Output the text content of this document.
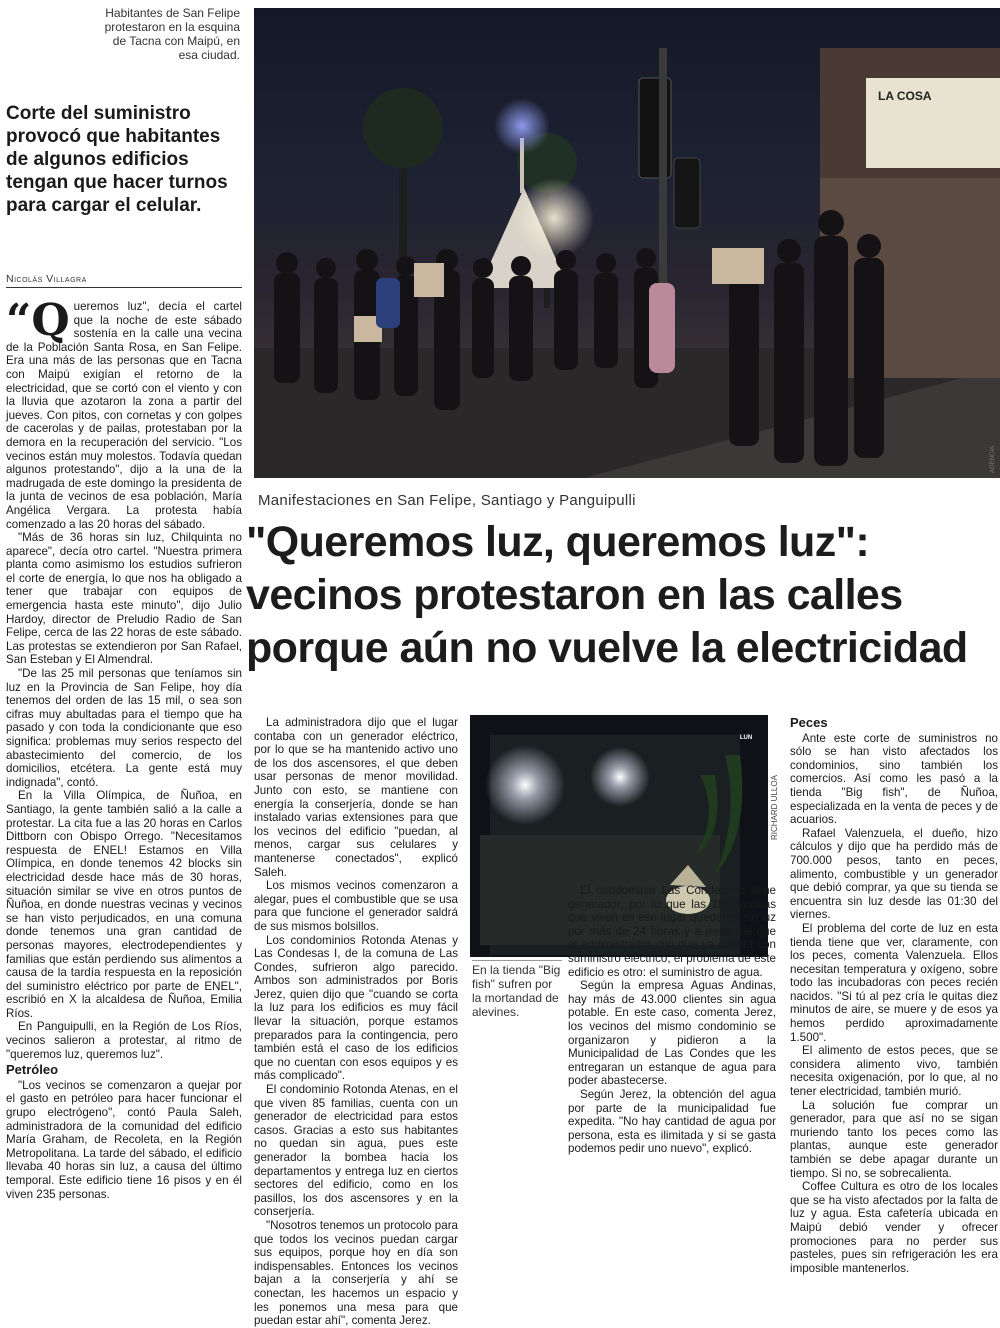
Habitantes de San Felipe protestaron en la esquina de Tacna con Maipú, en esa ciudad.
Corte del suministro provocó que habitantes de algunos edificios tengan que hacer turnos para cargar el celular.
Nicolás Villagra

“Q ueremos luz", decía el cartel que la noche de este sábado sostenía en la calle una vecina de la Población Santa Rosa, en San Felipe. Era una más de las personas que en Tacna con Maipú exigían el retorno de la electricidad, que se cortó con el viento y con la lluvia que azotaron la zona a partir del jueves. Con pitos, con cornetas y con golpes de cacerolas y de pailas, protestaban por la demora en la recuperación del servicio. "Los vecinos están muy molestos. Todavía quedan algunos protestando", dijo a la una de la madrugada de este domingo la presidenta de la junta de vecinos de esa población, María Angélica Vergara. La protesta había comenzado a las 20 horas del sábado.

"Más de 36 horas sin luz, Chilquinta no aparece", decía otro cartel. "Nuestra primera planta como asimismo los estudios sufrieron el corte de energía, lo que nos ha obligado a tener que trabajar con equipos de emergencia hasta este minuto", dijo Julio Hardoy, director de Preludio Radio de San Felipe, cerca de las 22 horas de este sábado. Las protestas se extendieron por San Rafael, San Esteban y El Almendral.

"De las 25 mil personas que teníamos sin luz en la Provincia de San Felipe, hoy día tenemos del orden de las 15 mil, o sea son cifras muy abultadas para el tiempo que ha pasado y con toda la condicionante que eso significa: problemas muy serios respecto del abastecimiento del comercio, de los domicilios, etcétera. La gente está muy indignada", contó.

En la Villa Olímpica, de Ñuñoa, en Santiago, la gente también salió a la calle a protestar. La cita fue a las 20 horas en Carlos Dittborn con Obispo Orrego. "Necesitamos respuesta de ENEL! Estamos en Villa Olímpica, en donde tenemos 42 blocks sin electricidad desde hace más de 30 horas, situación similar se vive en otros puntos de Ñuñoa, en donde nuestras vecinas y vecinos se han visto perjudicados, en una comuna donde tenemos una gran cantidad de personas mayores, electrodependientes y familias que están perdiendo sus alimentos a causa de la tardía respuesta en la reposición del suministro eléctrico por parte de ENEL", escribió en X la alcaldesa de Ñuñoa, Emilia Ríos.

En Panguipulli, en la Región de Los Ríos, vecinos salieron a protestar, al ritmo de "queremos luz, queremos luz".

Petróleo

"Los vecinos se comenzaron a quejar por el gasto en petróleo para hacer funcionar el grupo electrógeno", contó Paula Saleh, administradora de la comunidad del edificio María Graham, de Recoleta, en la Región Metropolitana. La tarde del sábado, el edificio llevaba 40 horas sin luz, a causa del último temporal. Este edificio tiene 16 pisos y en él viven 235 personas.

LA COSA
AGENCIA
Manifestaciones en San Felipe, Santiago y Panguipulli
"Queremos luz, queremos luz": vecinos protestaron en las calles porque aún no vuelve la electricidad

La administradora dijo que el lugar contaba con un generador eléctrico, por lo que se ha mantenido activo uno de los dos ascensores, el que deben usar personas de menor movilidad. Junto con esto, se mantiene con energía la conserjería, donde se han instalado varias extensiones para que los vecinos del edificio "puedan, al menos, cargar sus celulares y mantenerse conectados", explicó Saleh.

Los mismos vecinos comenzaron a alegar, pues el combustible que se usa para que funcione el generador saldrá de sus mismos bolsillos.

Los condominios Rotonda Atenas y Las Condesas I, de la comuna de Las Condes, sufrieron algo parecido. Ambos son administrados por Boris Jerez, quien dijo que "cuando se corta la luz para los edificios es muy fácil llevar la situación, porque estamos preparados para la contingencia, pero también está el caso de los edificios que no cuentan con esos equipos y es más complicado".

El condominio Rotonda Atenas, en el que viven 85 familias, cuenta con un generador de electricidad para estos casos. Gracias a esto sus habitantes no quedan sin agua, pues este generador la bombea hacia los departamentos y entrega luz en ciertos sectores del edificio, como en los pasillos, los dos ascensores y en la conserjería.

"Nosotros tenemos un protocolo para que todos los vecinos puedan cargar sus equipos, porque hoy en día son indispensables. Entonces los vecinos bajan a la conserjería y ahí se conectan, les hacemos un espacio y les ponemos una mesa para que puedan estar ahí", comenta Jerez.

LUN
RICHARD ULLOA
En la tienda "Big fish" sufren por la mortandad de alevines.

El condominio Las Condes no tiene generador, por lo que las 160 familias que viven en ese lugar quedaron sin luz por más de 24 horas y a pesar de que el administrador dijo que ya cuenta con suministro eléctrico, el problema de este edificio es otro: el suministro de agua.

Según la empresa Aguas Andinas, hay más de 43.000 clientes sin agua potable. En este caso, comenta Jerez, los vecinos del mismo condominio se organizaron y pidieron a la Municipalidad de Las Condes que les entregaran un estanque de agua para poder abastecerse.

Según Jerez, la obtención del agua por parte de la municipalidad fue expedita. "No hay cantidad de agua por persona, esta es ilimitada y si se gasta podemos pedir uno nuevo", explicó.

Peces

Ante este corte de suministros no sólo se han visto afectados los condominios, sino también los comercios. Así como les pasó a la tienda "Big fish", de Ñuñoa, especializada en la venta de peces y de acuarios.

Rafael Valenzuela, el dueño, hizo cálculos y dijo que ha perdido más de 700.000 pesos, tanto en peces, alimento, combustible y un generador que debió comprar, ya que su tienda se encuentra sin luz desde las 01:30 del viernes.

El problema del corte de luz en esta tienda tiene que ver, claramente, con los peces, comenta Valenzuela. Ellos necesitan temperatura y oxígeno, sobre todo las incubadoras con peces recién nacidos. "Si tú al pez cría le quitas diez minutos de aire, se muere y de esos ya hemos perdido aproximadamente 1.500".

El alimento de estos peces, que se considera alimento vivo, también necesita oxigenación, por lo que, al no tener electricidad, también murió.

La solución fue comprar un generador, para que así no se sigan muriendo tanto los peces como las plantas, aunque este generador también se debe apagar durante un tiempo. Si no, se sobrecalienta.

Coffee Cultura es otro de los locales que se ha visto afectados por la falta de luz y agua. Esta cafetería ubicada en Maipú debió vender y ofrecer promociones para no perder sus pasteles, pues sin refrigeración les era imposible mantenerlos.
